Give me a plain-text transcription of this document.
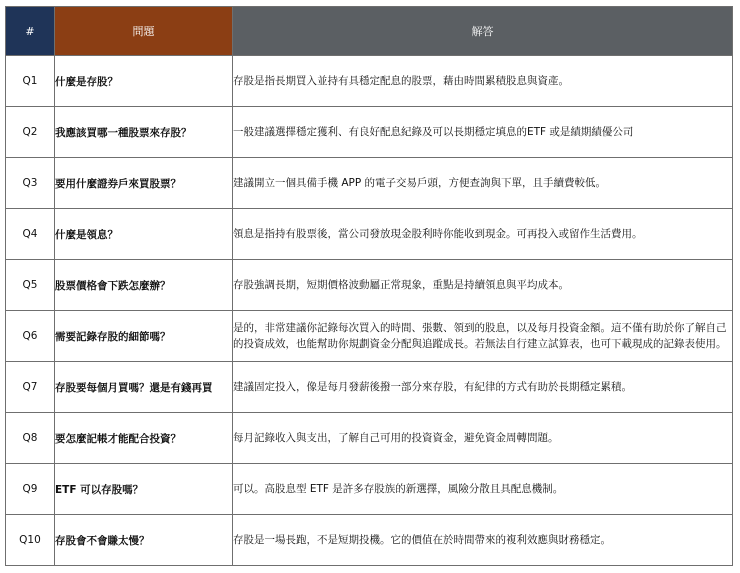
#	問題	解答
Q1	什麼是存股？	存股是指長期買入並持有具穩定配息的股票，藉由時間累積股息與資產。
Q2	我應該買哪一種股票來存股？	一般建議選擇穩定獲利、有良好配息紀錄及可以長期穩定填息的ETF 或是績期績優公司
Q3	要用什麼證券戶來買股票？	建議開立一個具備手機 APP 的電子交易戶頭，方便查詢與下單，且手續費較低。
Q4	什麼是領息？	領息是指持有股票後，當公司發放現金股利時你能收到現金。可再投入或留作生活費用。
Q5	股票價格會下跌怎麼辦？	存股強調長期，短期價格波動屬正常現象，重點是持續領息與平均成本。
Q6	需要記錄存股的細節嗎？	是的，非常建議你記錄每次買入的時間、張數、領到的股息，以及每月投資金額。這不僅有助於你了解自己的投資成效，也能幫助你規劃資金分配與追蹤成長。若無法自行建立試算表，也可下載現成的記錄表使用。
Q7	存股要每個月買嗎？還是有錢再買	建議固定投入，像是每月發薪後撥一部分來存股，有紀律的方式有助於長期穩定累積。
Q8	要怎麼記帳才能配合投資？	每月記錄收入與支出，了解自己可用的投資資金，避免資金周轉問題。
Q9	ETF 可以存股嗎？	可以。高股息型 ETF 是許多存股族的新選擇，風險分散且具配息機制。
Q10	存股會不會賺太慢？	存股是一場長跑，不是短期投機。它的價值在於時間帶來的複利效應與財務穩定。
